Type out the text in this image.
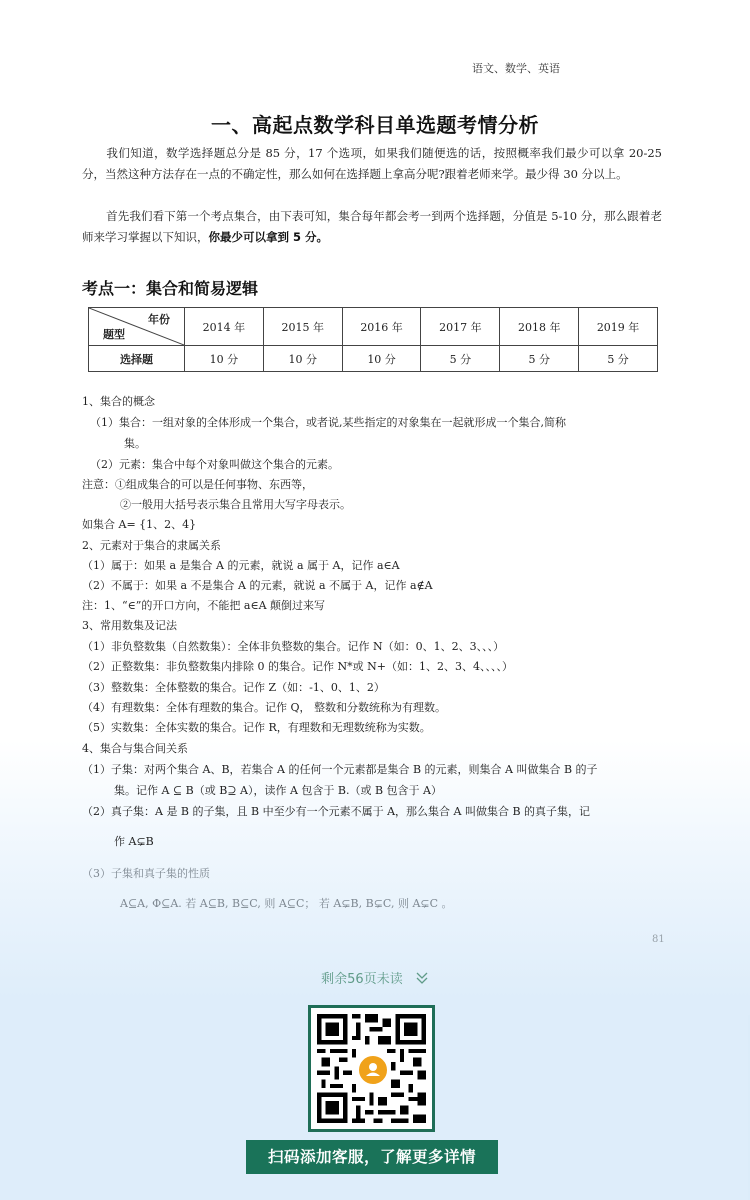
语文、数学、英语
一、高起点数学科目单选题考情分析
我们知道，数学选择题总分是 85 分，17 个选项，如果我们随便选的话，按照概率我们最少可以拿 20-25 分，当然这种方法存在一点的不确定性，那么如何在选择题上拿高分呢?跟着老师来学。最少得 30 分以上。
首先我们看下第一个考点集合，由下表可知，集合每年都会考一到两个选择题，分值是 5-10 分，那么跟着老师来学习掌握以下知识，你最少可以拿到 5 分。
考点一：集合和简易逻辑
年份
题型	2014 年	2015 年	2016 年	2017 年	2018 年	2019 年
选择题	10 分	10 分	10 分	5 分	5 分	5 分
1、集合的概念
（1）集合：一组对象的全体形成一个集合，或者说,某些指定的对象集在一起就形成一个集合,简称
集。
（2）元素：集合中每个对象叫做这个集合的元素。
注意：①组成集合的可以是任何事物、东西等，
②一般用大括号表示集合且常用大写字母表示。
如集合 A= {1、2、4}
2、元素对于集合的隶属关系
（1）属于：如果 a 是集合 A 的元素，就说 a 属于 A，记作 a∈A
（2）不属于：如果 a 不是集合 A 的元素，就说 a 不属于 A，记作 a∉A
注：1、“∈”的开口方向，不能把 a∈A 颠倒过来写
3、常用数集及记法
（1）非负整数集（自然数集）：全体非负整数的集合。记作 N（如：0、1、2、3、、、）
（2）正整数集：非负整数集内排除 0 的集合。记作 N*或 N+（如：1、2、3、4、、、、）
（3）整数集：全体整数的集合。记作 Z（如：-1、0、1、2）
（4）有理数集：全体有理数的集合。记作 Q， 整数和分数统称为有理数。
（5）实数集：全体实数的集合。记作 R，有理数和无理数统称为实数。
4、集合与集合间关系
（1）子集：对两个集合 A、B，若集合 A 的任何一个元素都是集合 B 的元素，则集合 A 叫做集合 B 的子
集。记作 A ⊆ B（或 B⊇ A），读作 A 包含于 B.（或 B 包含于 A）
（2）真子集：A 是 B 的子集，且 B 中至少有一个元素不属于 A，那么集合 A 叫做集合 B 的真子集，记
作 A⊊B
（3）子集和真子集的性质
A⊆A, Φ⊆A. 若 A⊆B, B⊆C, 则 A⊆C； 若 A⊊B, B⊊C, 则 A⊊C 。
81
剩余56页未读
扫码添加客服，了解更多详情
